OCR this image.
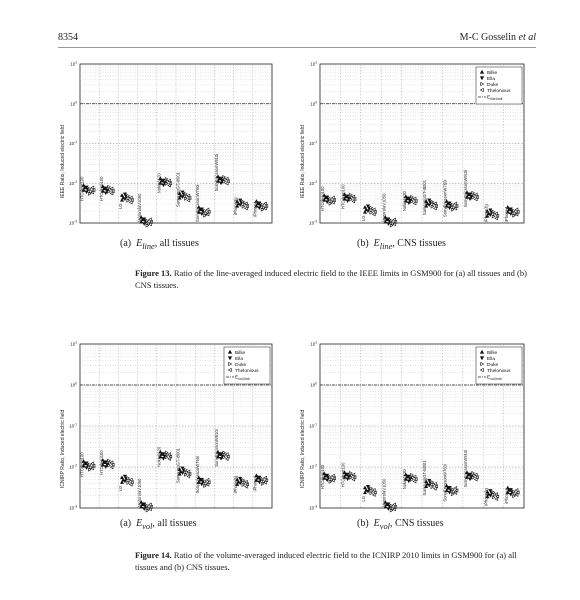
8354	M-C Gosselin et al
IEEE Ratio, Induced electric field
$10^{-3}$
$10^{-2}$
$10^{-1}$
$10^0$
$10^1$
HTCdesri100	HTCdesri100
LG	MotorolaV1050
Nokia6120	SamsungGT-I8001	SonyEricssonW760i
SonyEricssonW910i
iPhone3g	iPhone4
IEEE Ratio, Induced electric field
$10^{-3}$
$10^{-2}$
$10^{-1}$
$10^0$
$10^1$
HTCdesri100	HTCdesri100
LG	MotorolaV1050	Nokia6120	SamsungGT-I8001	SonyEricssonW760i	SonyEricssonW910i
iPhone3g	iPhone4
Billie
Ella
Duke
Thelonious
$E_{line,limit}$
(a) $E_{line}$, all tissues	(b) $E_{line}$, CNS tissues
Figure 13. Ratio of the line-averaged induced electric field to the IEEE limits in GSM900 for (a) all tissues and (b) CNS tissues.
ICNIRP Ratio, Induced electric field
$10^{-3}$
$10^{-2}$
$10^{-1}$
$10^0$
$10^1$
HTCdesri100	HTCdesri100
LG	MotorolaV1050
Nokia6120	SamsungGT-I8001	SonyEricssonW760i
SonyEricssonW910i
iPhone3g	iPhone4
Billie
Ella
Duke
Thelonious
$E_{vol,limit}$
ICNIRP Ratio, Induced electric field
$10^{-3}$
$10^{-2}$
$10^{-1}$
$10^0$
$10^1$
HTCdesri100	HTCdesri100
LG	MotorolaV1050	Nokia6120	SamsungGT-I8001	SonyEricssonW760i	SonyEricssonW910i
iPhone3g	iPhone4
Billie
Ella
Duke
Thelonious
$E_{vol,limit}$
(a) $E_{vol}$, all tissues	(b) $E_{vol}$, CNS tissues
Figure 14. Ratio of the volume-averaged induced electric field to the ICNIRP 2010 limits in GSM900 for (a) all tissues and (b) CNS tissues.
